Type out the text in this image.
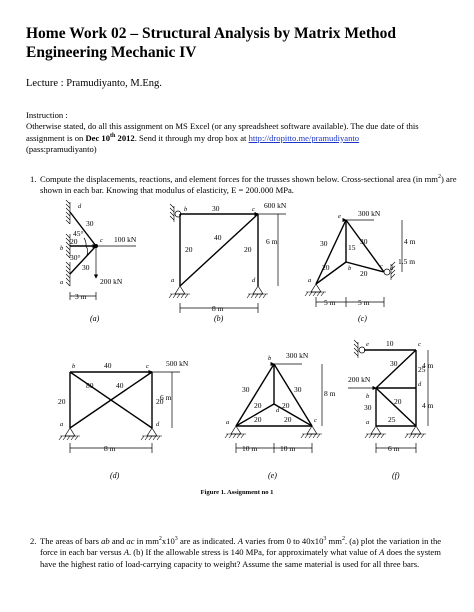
Home Work 02 – Structural Analysis by Matrix Method
Engineering Mechanic IV
Lecture : Pramudiyanto, M.Eng.
Instruction :
Otherwise stated, do all this assignment on MS Excel (or any spreadsheet software available). The due date of this assignment is on Dec 10th 2012. Send it through my drop box at http://dropitto.me/pramudiyanto
(pass:pramudiyanto)
1. Compute the displacements, reactions, and element forces for the trusses shown below. Cross-sectional area (in $mm^2$) are shown in each bar. Knowing that modulus of elasticity, E = 200.000 MPa.
d
c
b
a
30
20
30
45°
30°
100 kN
200 kN
3 m
(a)
b	c
a	d
30
40
20	20
600 kN
6 m
8 m
(b)
e
a
b	c d
30	30
15
20
20
300 kN
4 m
1.5 m
5 m	5 m
(c)
b	c
a	d
40
80	40
20	20
500 kN
6 m
8 m
(d)
b
a
d
c
30	30
20	20
20	20
300 kN
8 m
10 m	10 m
(e)
e	c
d
b
a
10
30
25
30
20
25
200 kN
4 m
4 m
6 m
(f)
Figure 1. Assignment no 1
2. The areas of bars ab and ac in $mm^2x10^3$ are as indicated. A varies from 0 to $40x10^3$ $mm^2$. (a) plot the variation in the force in each bar versus A. (b) If the allowable stress is 140 MPa, for approximately what value of A does the system have the highest ratio of load-carrying capacity to weight? Assume the same material is used for all three bars.
